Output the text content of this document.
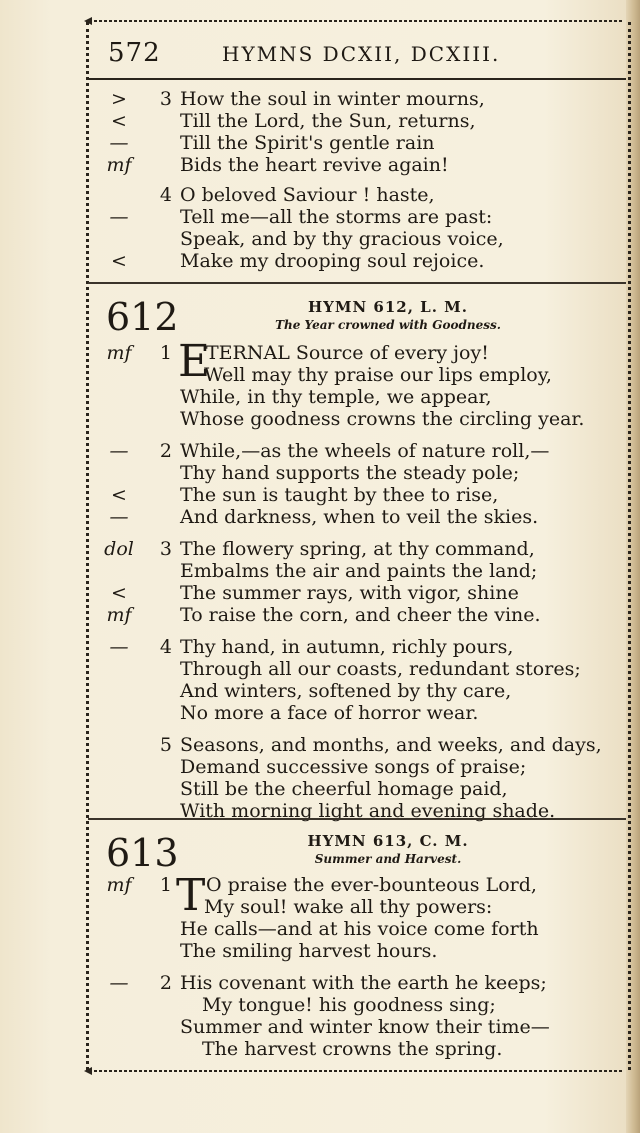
572	HYMNS DCXII, DCXIII.
>	3 How the soul in winter mourns,
<	Till the Lord, the Sun, returns,
—	Till the Spirit's gentle rain
mf	Bids the heart revive again!
4 O beloved Saviour ! haste,
—	Tell me—all the storms are past:
Speak, and by thy gracious voice,
<	Make my drooping soul rejoice.
mf	1 TERNAL Source of every joy!
Well may thy praise our lips employ,
While, in thy temple, we appear,
Whose goodness crowns the circling year.
—	2 While,—as the wheels of nature roll,—
Thy hand supports the steady pole;
<	The sun is taught by thee to rise,
—	And darkness, when to veil the skies.
dol	3 The flowery spring, at thy command,
Embalms the air and paints the land;
<	The summer rays, with vigor, shine
mf	To raise the corn, and cheer the vine.
—	4 Thy hand, in autumn, richly pours,
Through all our coasts, redundant stores;
And winters, softened by thy care,
No more a face of horror wear.
5 Seasons, and months, and weeks, and days,
Demand successive songs of praise;
Still be the cheerful homage paid,
With morning light and evening shade.
mf	1 O praise the ever-bounteous Lord,
My soul! wake all thy powers:
He calls—and at his voice come forth
The smiling harvest hours.
—	2 His covenant with the earth he keeps;
My tongue! his goodness sing;
Summer and winter know their time—
The harvest crowns the spring.
612	HYMN 612, L. M.
The Year crowned with Goodness.
E
613	HYMN 613, C. M.
Summer and Harvest.
T
